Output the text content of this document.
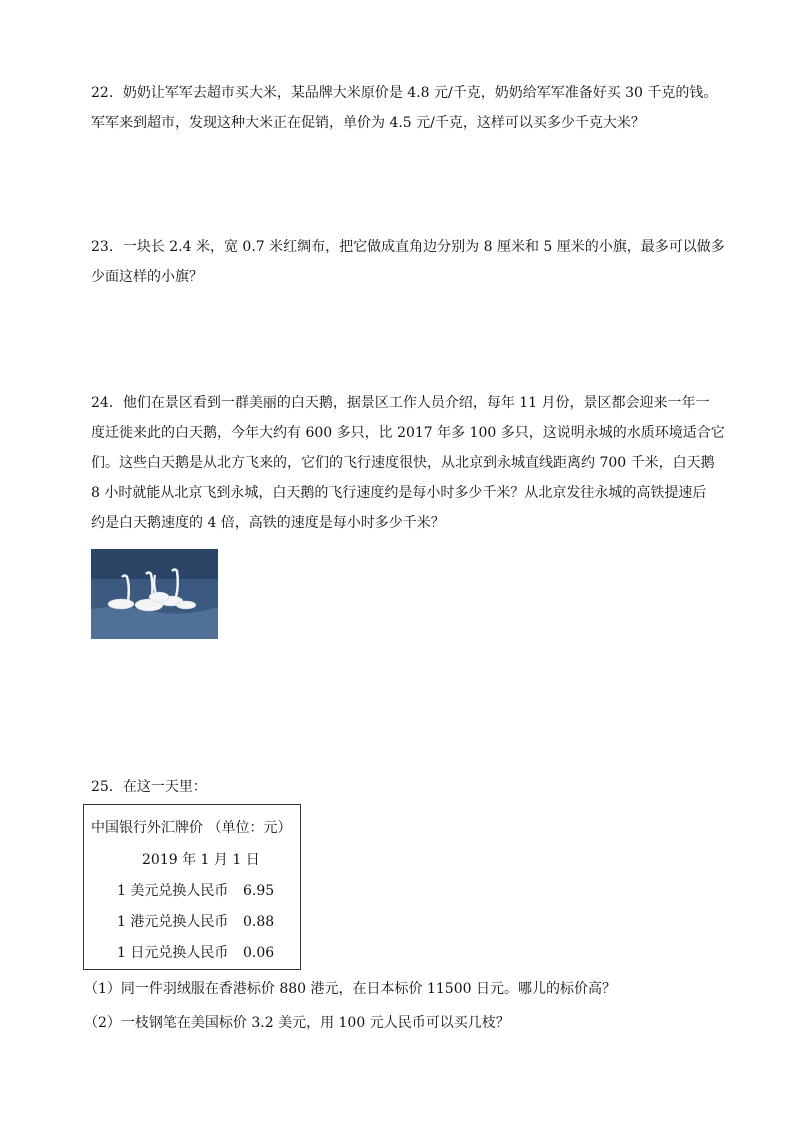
22．奶奶让军军去超市买大米，某品牌大米原价是 4.8 元/千克，奶奶给军军准备好买 30 千克的钱。

军军来到超市，发现这种大米正在促销，单价为 4.5 元/千克，这样可以买多少千克大米？

23．一块长 2.4 米，宽 0.7 米红绸布，把它做成直角边分别为 8 厘米和 5 厘米的小旗，最多可以做多

少面这样的小旗？

24．他们在景区看到一群美丽的白天鹅，据景区工作人员介绍，每年 11 月份，景区都会迎来一年一

度迁徙来此的白天鹅，今年大约有 600 多只，比 2017 年多 100 多只，这说明永城的水质环境适合它

们。这些白天鹅是从北方飞来的，它们的飞行速度很快，从北京到永城直线距离约 700 千米，白天鹅

8 小时就能从北京飞到永城，白天鹅的飞行速度约是每小时多少千米？从北京发往永城的高铁提速后

约是白天鹅速度的 4 倍，高铁的速度是每小时多少千米？

25．在这一天里：

中国银行外汇牌价 （单位：元）
2019 年 1 月 1 日
1 美元兑换人民币 6.95
1 港元兑换人民币 0.88
1 日元兑换人民币 0.06
（1）同一件羽绒服在香港标价 880 港元，在日本标价 11500 日元。哪儿的标价高？
（2）一枝钢笔在美国标价 3.2 美元，用 100 元人民币可以买几枝？
